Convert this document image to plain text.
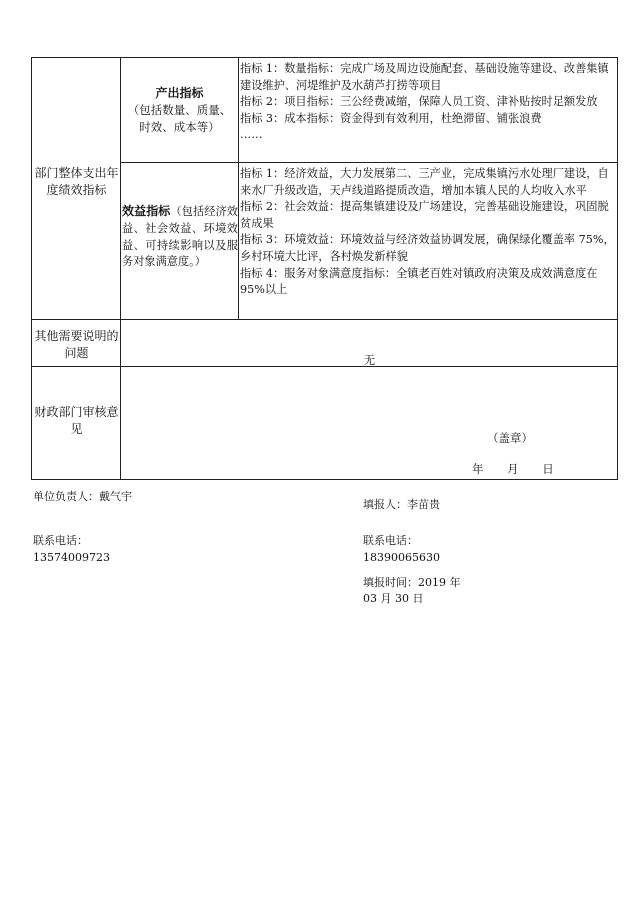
部门整体支出年度绩效指标
产出指标
（包括数量、质量、时效、成本等）
指标 1：数量指标：完成广场及周边设施配套、基础设施等建设、改善集镇建设维护、河堤维护及水葫芦打捞等项目
指标 2：项目指标：三公经费减缩，保障人员工资、津补贴按时足额发放
指标 3：成本指标：资金得到有效利用，杜绝滞留、铺张浪费
……
效益指标（包括经济效益、社会效益、环境效益、可持续影响以及服务对象满意度。）
指标 1：经济效益，大力发展第二、三产业，完成集镇污水处理厂建设，自来水厂升级改造，天卢线道路提质改造，增加本镇人民的人均收入水平
指标 2：社会效益：提高集镇建设及广场建设，完善基础设施建设，巩固脱贫成果
指标 3：环境效益：环境效益与经济效益协调发展，确保绿化覆盖率 75%，乡村环境大比评，各村焕发新样貌
指标 4：服务对象满意度指标：全镇老百姓对镇政府决策及成效满意度在 95%以上
其他需要说明的问题	无
财政部门审核意见
（盖章）
年 月 日
单位负责人：戴气宇
填报人：李苗贵
联系电话：
13574009723
联系电话：
18390065630
填报时间：2019 年 03 月 30 日
